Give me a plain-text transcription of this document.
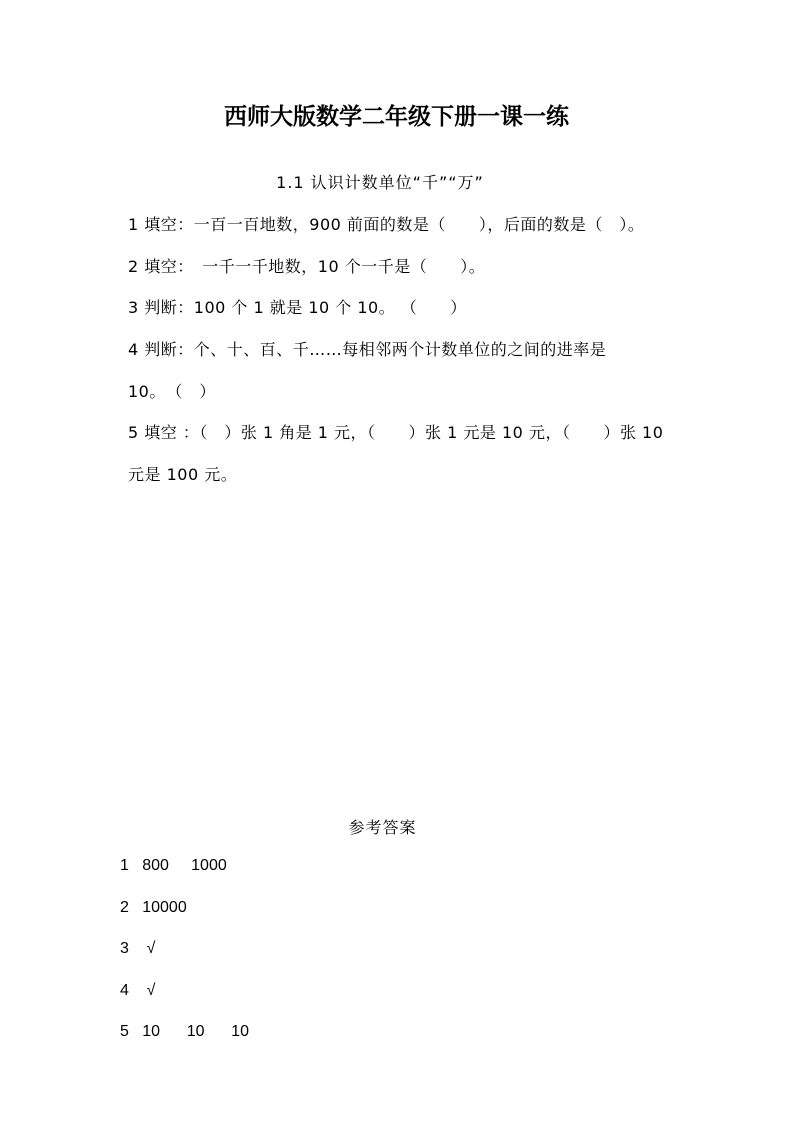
西师大版数学二年级下册一课一练
1.1 认识计数单位“千”“万”
1 填空：一百一百地数，900 前面的数是（　　），后面的数是（　）。
2 填空：　一千一千地数，10 个一千是（　　）。
3 判断：100 个 1 就是 10 个 10。 （　　）
4 判断：个、十、百、千……每相邻两个计数单位的之间的进率是
10。　（　）
5 填空 ：（　）张 1 角是 1 元，（　　）张 1 元是 10 元，（　　）张 10
元是 100 元。
参考答案
1   800     1000
2   10000
3    √
4    √
5   10      10      10
